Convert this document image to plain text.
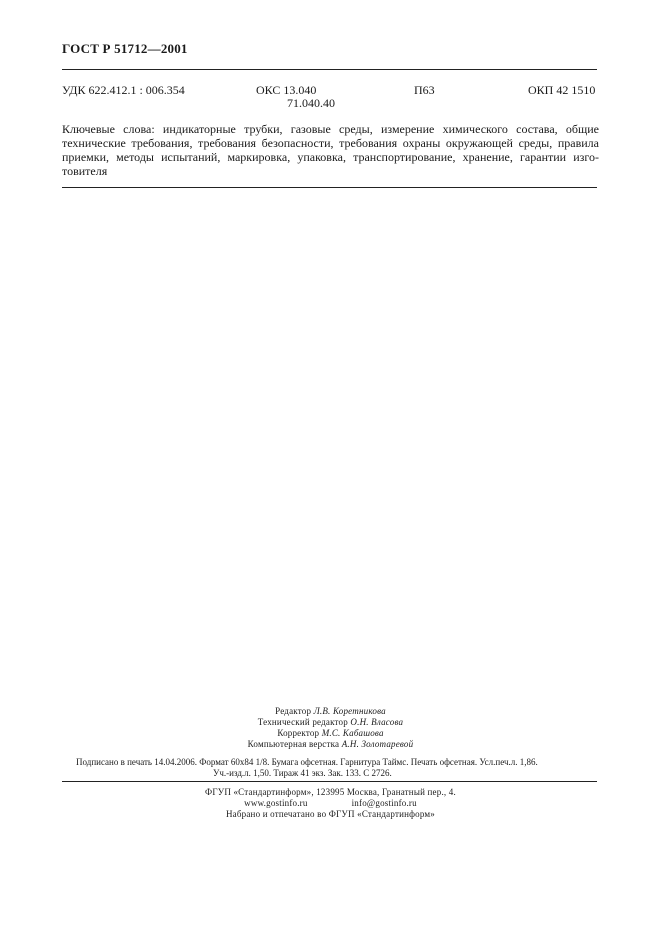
ГОСТ Р 51712—2001
УДК 622.412.1 : 006.354	ОКС 13.040
71.040.40
П63	ОКП 42 1510
Ключевые слова: индикаторные трубки, газовые среды, измерение химического состава, общие
технические требования, требования безопасности, требования охраны окружающей среды, правила
приемки, методы испытаний, маркировка, упаковка, транспортирование, хранение, гарантии изго-
товителя
Редактор Л.В. Коретникова
Технический редактор О.Н. Власова
Корректор М.С. Кабашова
Компьютерная верстка А.Н. Золотаревой
Подписано в печать 14.04.2006. Формат 60х84 1/8. Бумага офсетная. Гарнитура Таймс. Печать офсетная. Усл.печ.л. 1,86.
Уч.-изд.л. 1,50. Тираж 41 экз. Зак. 133. С 2726.
ФГУП «Стандартинформ», 123995 Москва, Гранатный пер., 4.
www.gostinfo.ru	info@gostinfo.ru
Набрано и отпечатано во ФГУП «Стандартинформ»
